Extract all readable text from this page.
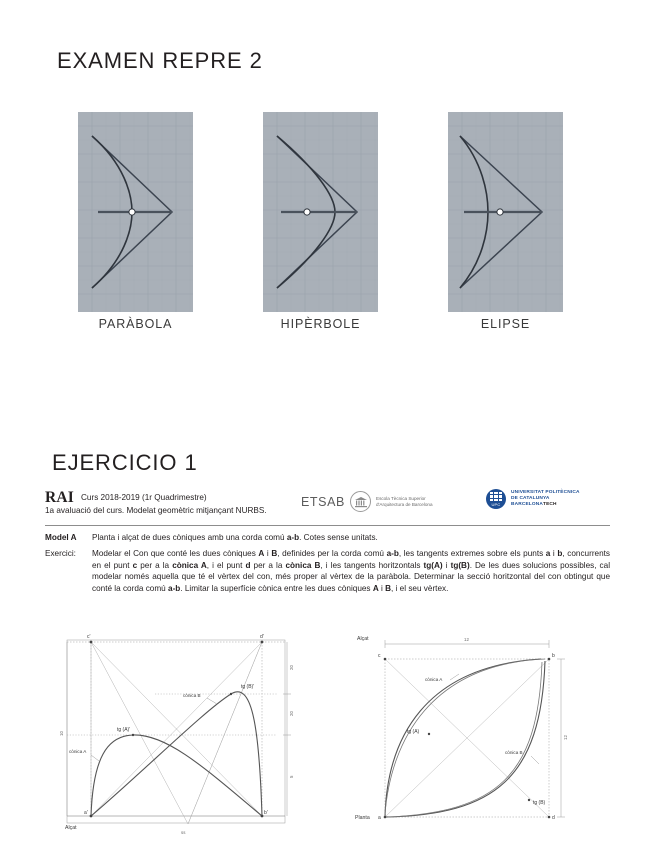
EXAMEN REPRE 2
PARÀBOLA	HIPÈRBOLE	ELIPSE
EJERCICIO 1
RAI Curs 2018-2019 (1r Quadrimestre)
1a avaluació del curs. Modelat geomètric mitjançant NURBS.
ETSAB	Escola Tècnica Superior
d'Arquitectura de Barcelona	UPC
UNIVERSITAT POLITÈCNICA
DE CATALUNYA
BARCELONATECH
Model A	Planta i alçat de dues còniques amb una corda comú a-b. Cotes sense unitats.
Exercici:	Modelar el Con que conté les dues còniques A i B, definides per la corda comú a-b, les tangents extremes sobre els punts a i b, concurrents en el punt c per a la cònica A, i el punt d per a la cònica B, i les tangents horitzontals tg(A) i tg(B). De les dues solucions possibles, cal modelar només aquella que té el vèrtex del con, més proper al vèrtex de la paràbola. Determinar la secció horitzontal del con obtingut que conté la corda comú a-b. Limitar la superfície cònica entre les dues còniques A i B, i el seu vèrtex.
c'	d'
a'	b'
tg (A)'
tg (B)'
cònica A
cònica B
Alçat
10
20
20
5
ss
c	b
a	d
tg (A)
tg (B)
cònica A
cònica B
Alçat
Planta
12
12
